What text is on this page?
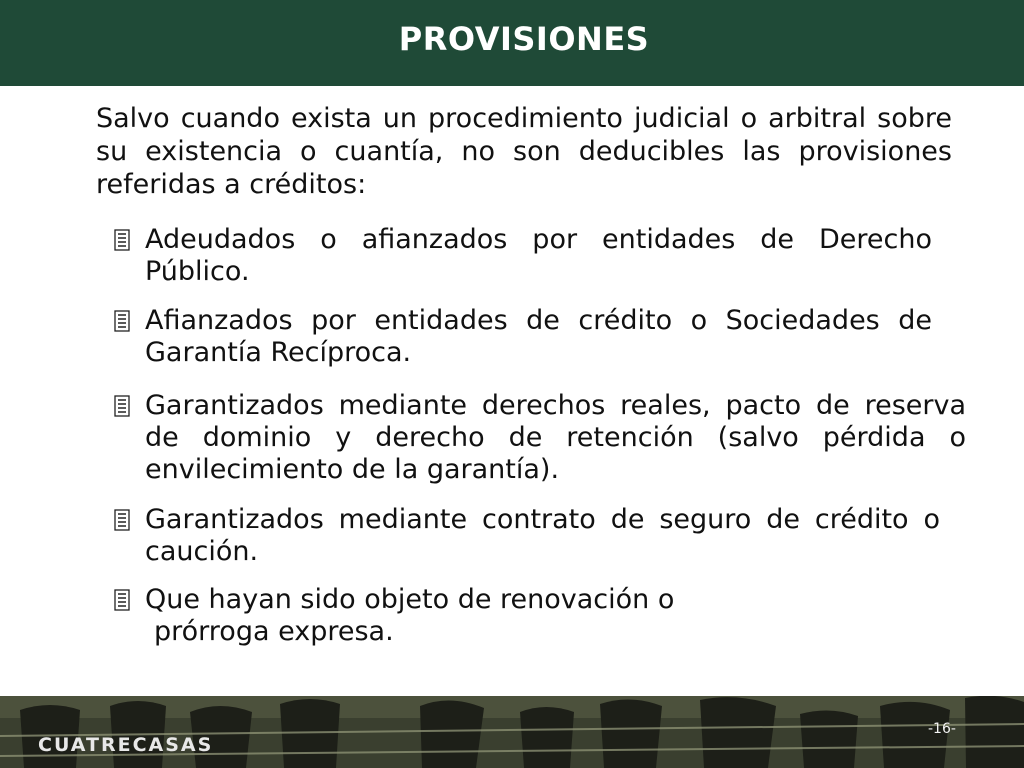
PROVISIONES
Salvo cuando exista un procedimiento judicial o arbitral sobre su existencia o cuantía, no son deducibles las provisiones referidas a créditos:
Adeudados o afianzados por entidades de Derecho Público.
Afianzados por entidades de crédito o Sociedades de Garantía Recíproca.
Garantizados mediante derechos reales, pacto de reserva de dominio y derecho de retención (salvo pérdida o envilecimiento de la garantía).
Garantizados mediante contrato de seguro de crédito o caución.
Que hayan sido objeto de renovación o
prórroga expresa.
CUATRECASAS
-16-
